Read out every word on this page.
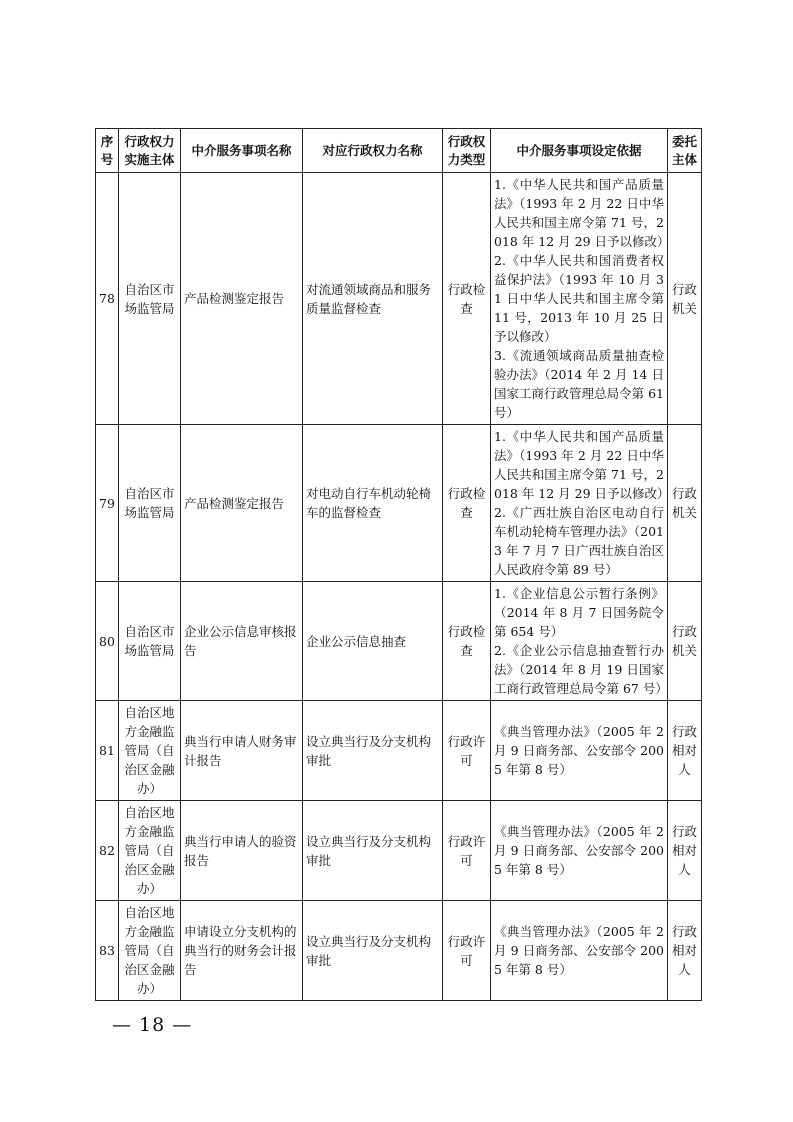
序号	行政权力实施主体	中介服务事项名称	对应行政权力名称	行政权力类型	中介服务事项设定依据	委托主体
78	自治区市场监管局	产品检测鉴定报告	对流通领域商品和服务质量监督检查	行政检查	1.《中华人民共和国产品质量法》（1993 年 2 月 22 日中华人民共和国主席令第 71 号，2018 年 12 月 29 日予以修改）
2.《中华人民共和国消费者权益保护法》（1993 年 10 月 31 日中华人民共和国主席令第 11 号，2013 年 10 月 25 日予以修改）
3.《流通领域商品质量抽查检验办法》（2014 年 2 月 14 日国家工商行政管理总局令第 61 号）	行政机关
79	自治区市场监管局	产品检测鉴定报告	对电动自行车机动轮椅车的监督检查	行政检查	1.《中华人民共和国产品质量法》（1993 年 2 月 22 日中华人民共和国主席令第 71 号，2018 年 12 月 29 日予以修改）
2.《广西壮族自治区电动自行车机动轮椅车管理办法》（2013 年 7 月 7 日广西壮族自治区人民政府令第 89 号）	行政机关
80	自治区市场监管局	企业公示信息审核报告	企业公示信息抽查	行政检查	1.《企业信息公示暂行条例》（2014 年 8 月 7 日国务院令第 654 号）
2.《企业公示信息抽查暂行办法》（2014 年 8 月 19 日国家工商行政管理总局令第 67 号）	行政机关
81	自治区地方金融监管局（自治区金融办）	典当行申请人财务审计报告	设立典当行及分支机构审批	行政许可	《典当管理办法》（2005 年 2 月 9 日商务部、公安部令 2005 年第 8 号）	行政相对人
82	自治区地方金融监管局（自治区金融办）	典当行申请人的验资报告	设立典当行及分支机构审批	行政许可	《典当管理办法》（2005 年 2 月 9 日商务部、公安部令 2005 年第 8 号）	行政相对人
83	自治区地方金融监管局（自治区金融办）	申请设立分支机构的典当行的财务会计报告	设立典当行及分支机构审批	行政许可	《典当管理办法》（2005 年 2 月 9 日商务部、公安部令 2005 年第 8 号）	行政相对人
— 18 —
